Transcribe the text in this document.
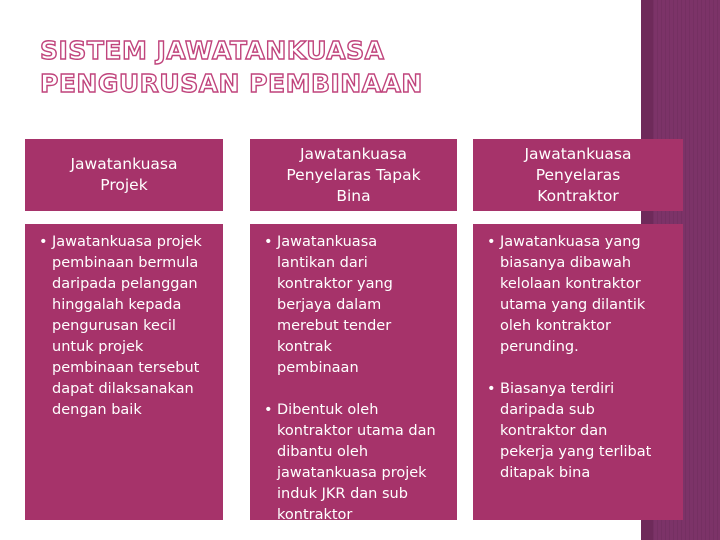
SISTEM JAWATANKUASA
PENGURUSAN PEMBINAAN
Jawatankuasa Projek
• Jawatankuasa projek pembinaan bermula daripada pelanggan hinggalah kepada pengurusan kecil untuk projek pembinaan tersebut dapat dilaksanakan dengan baik
Jawatankuasa Penyelaras Tapak Bina
• Jawatankuasa lantikan dari kontraktor yang berjaya dalam merebut tender kontrak pembinaan
• Dibentuk oleh kontraktor utama dan dibantu oleh jawatankuasa projek induk JKR dan sub kontraktor
Jawatankuasa Penyelaras Kontraktor
• Jawatankuasa yang biasanya dibawah kelolaan kontraktor utama yang dilantik oleh kontraktor perunding.
• Biasanya terdiri daripada sub kontraktor dan pekerja yang terlibat ditapak bina
